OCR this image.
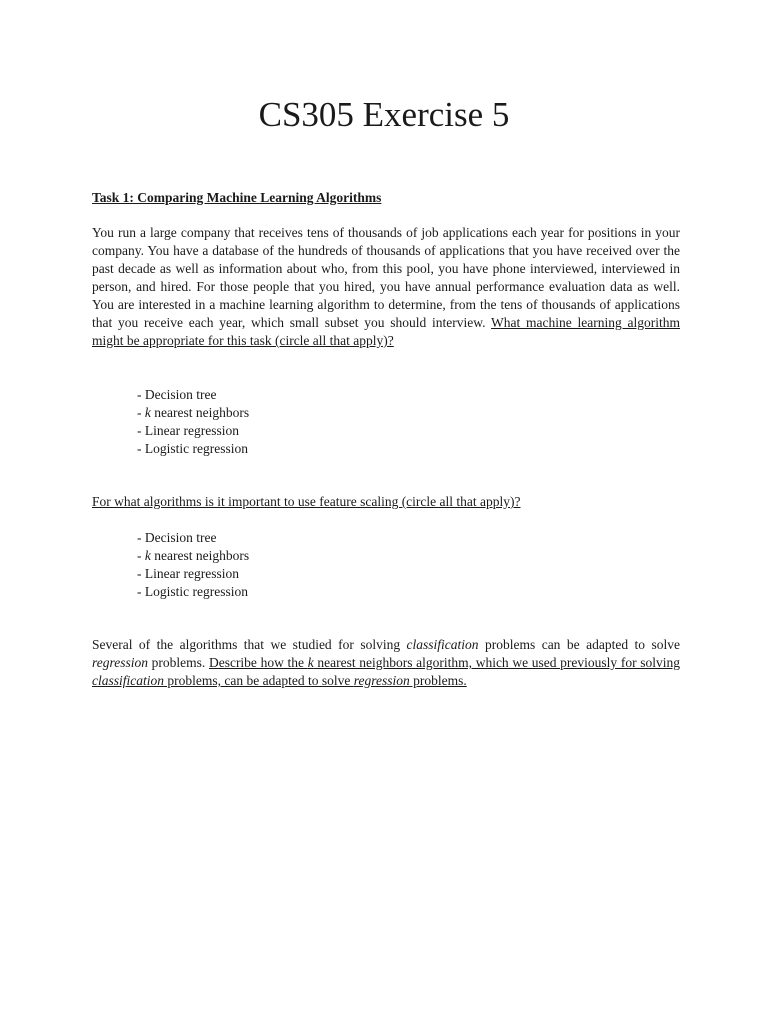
CS305 Exercise 5

Task 1: Comparing Machine Learning Algorithms

You run a large company that receives tens of thousands of job applications each year for positions in your company. You have a database of the hundreds of thousands of applications that you have received over the past decade as well as information about who, from this pool, you have phone interviewed, interviewed in person, and hired. For those people that you hired, you have annual performance evaluation data as well. You are interested in a machine learning algorithm to determine, from the tens of thousands of applications that you receive each year, which small subset you should interview. What machine learning algorithm might be appropriate for this task (circle all that apply)?

- Decision tree
- k nearest neighbors
- Linear regression
- Logistic regression

For what algorithms is it important to use feature scaling (circle all that apply)?

- Decision tree
- k nearest neighbors
- Linear regression
- Logistic regression

Several of the algorithms that we studied for solving classification problems can be adapted to solve regression problems. Describe how the k nearest neighbors algorithm, which we used previously for solving classification problems, can be adapted to solve regression problems.
